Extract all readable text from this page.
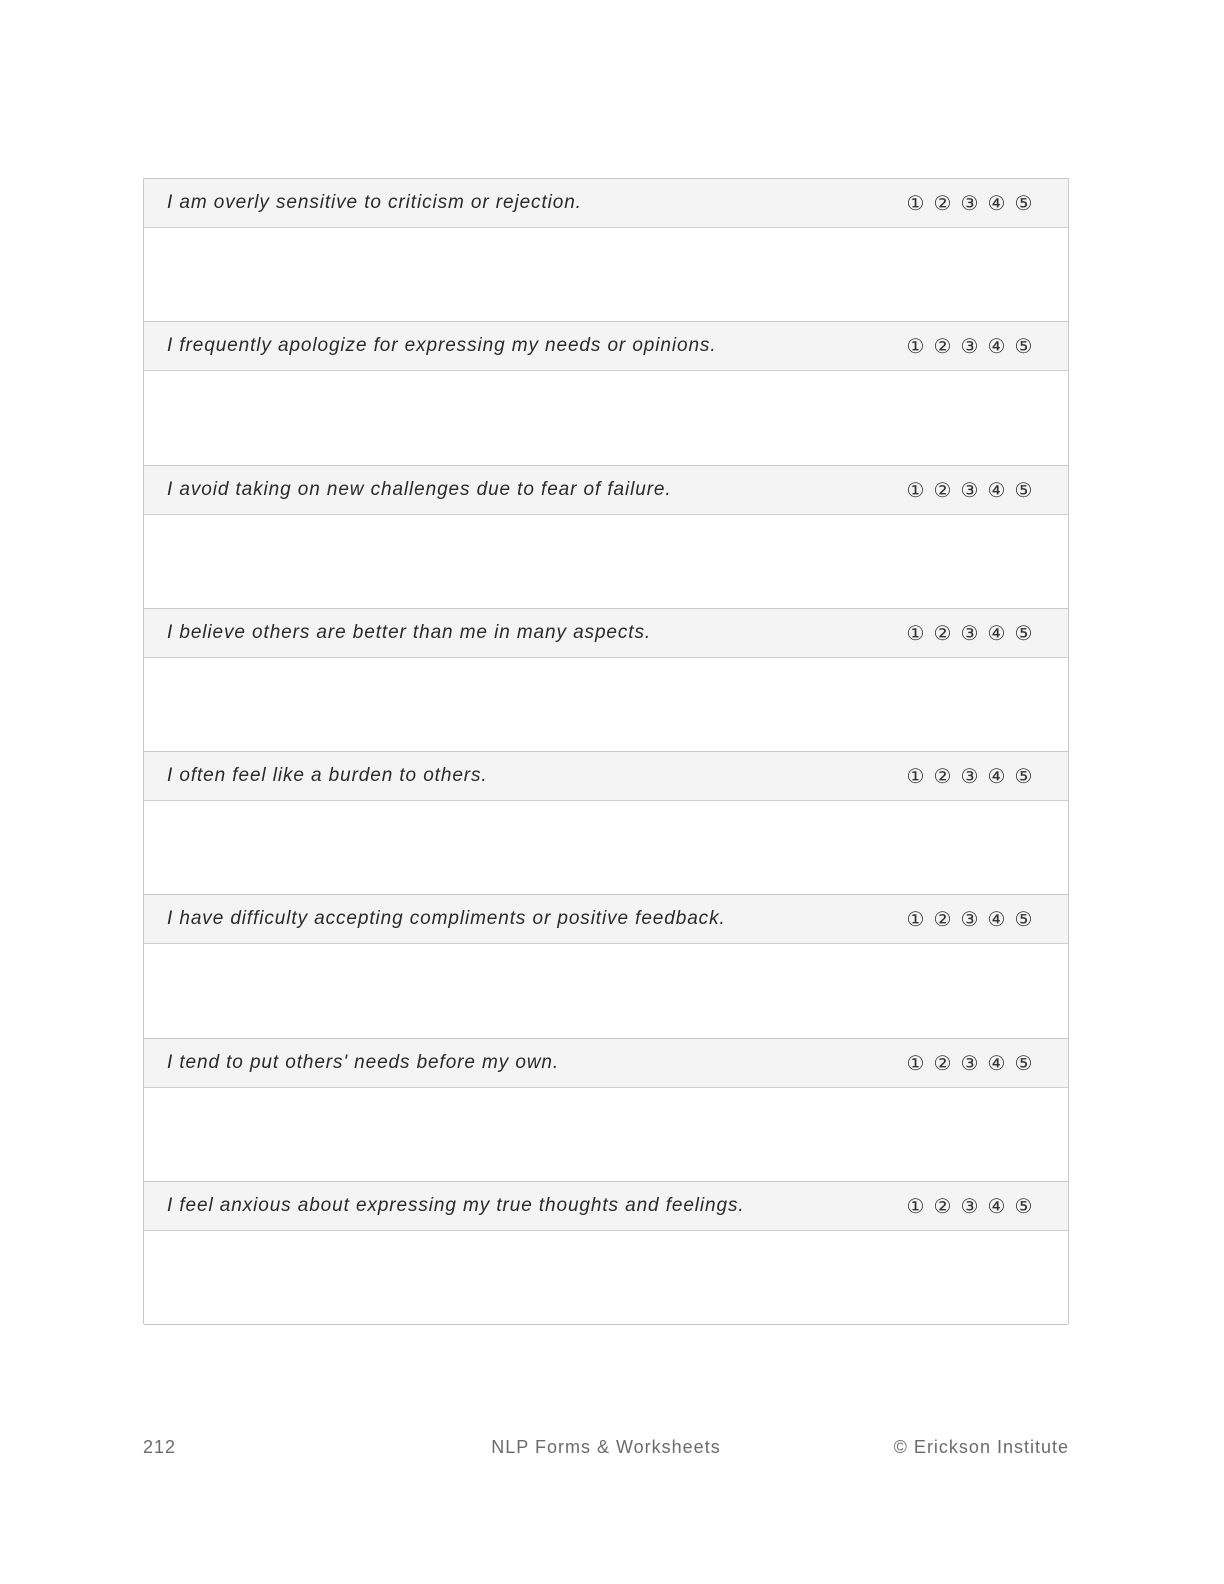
I am overly sensitive to criticism or rejection.	① ② ③ ④ ⑤
I frequently apologize for expressing my needs or opinions.	① ② ③ ④ ⑤
I avoid taking on new challenges due to fear of failure.	① ② ③ ④ ⑤
I believe others are better than me in many aspects.	① ② ③ ④ ⑤
I often feel like a burden to others.	① ② ③ ④ ⑤
I have difficulty accepting compliments or positive feedback.	① ② ③ ④ ⑤
I tend to put others' needs before my own.	① ② ③ ④ ⑤
I feel anxious about expressing my true thoughts and feelings.	① ② ③ ④ ⑤
212	NLP Forms & Worksheets	© Erickson Institute
